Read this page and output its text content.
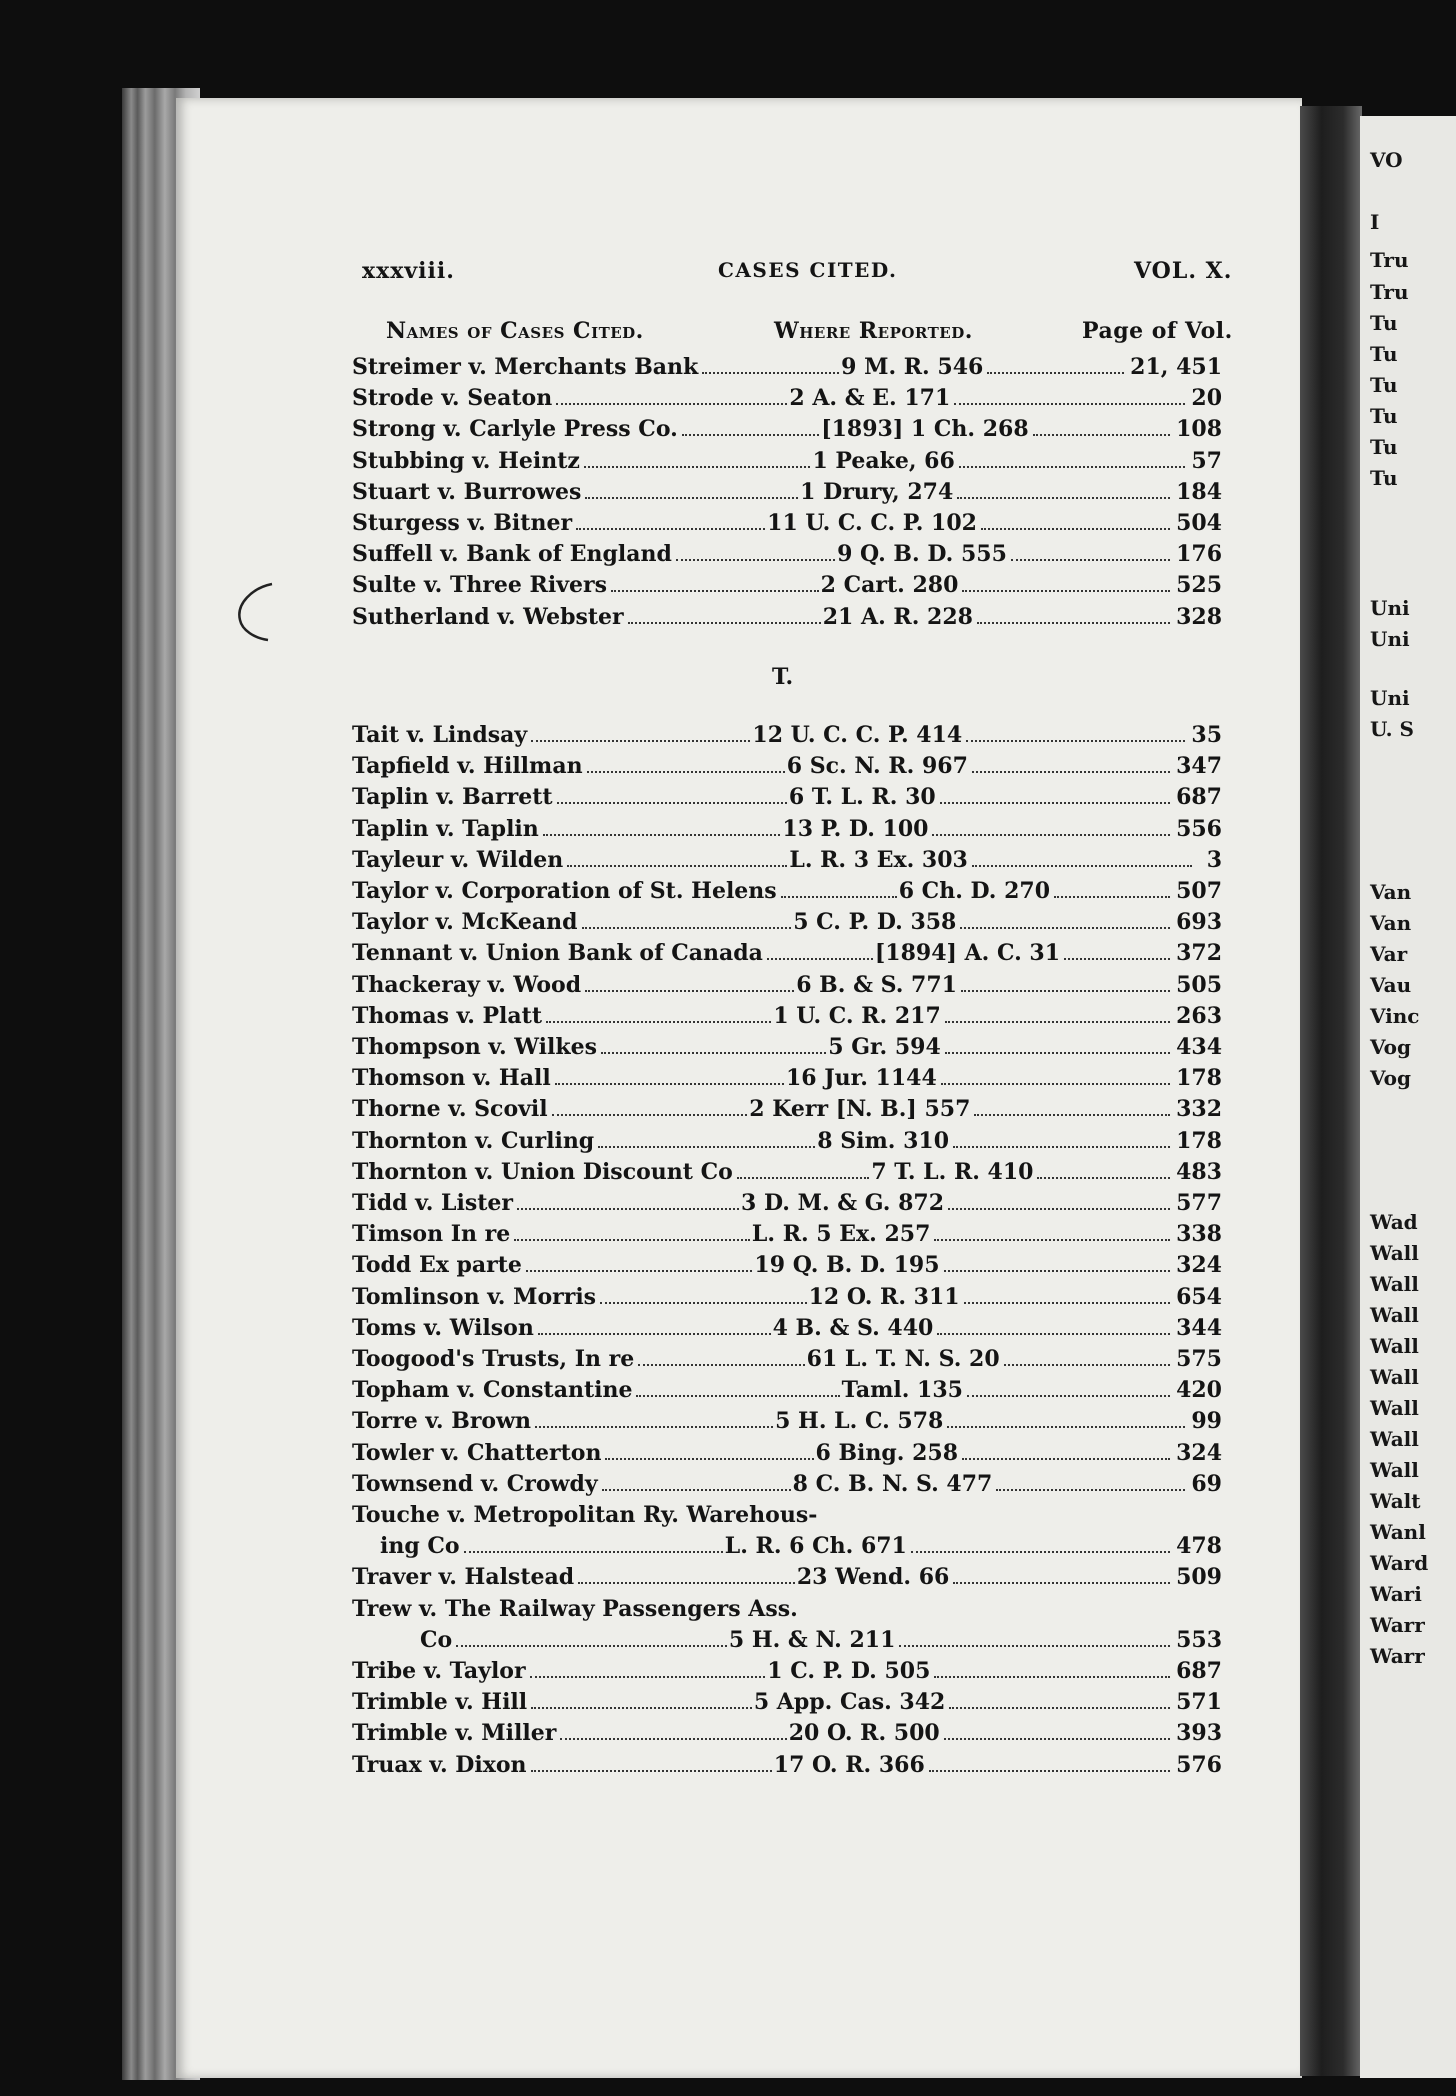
VO
I
Tru
Tru
Tu
Tu
Tu
Tu
Tu
Tu
Uni
Uni
Uni
U. S
Van
Van
Var
Vau
Vinc
Vog
Vog
Wad
Wall
Wall
Wall
Wall
Wall
Wall
Wall
Wall
Walt
Wanl
Ward
Wari
Warr
Warr
xxxviii.	CASES CITED.	VOL. X.
Names of Cases Cited.	Where Reported.	Page of Vol.
T.
Streimer v. Merchants Bank	9 M. R. 546	21, 451
Strode v. Seaton	2 A. & E. 171	20
Strong v. Carlyle Press Co.	[1893] 1 Ch. 268	108
Stubbing v. Heintz	1 Peake, 66	57
Stuart v. Burrowes	1 Drury, 274	184
Sturgess v. Bitner	11 U. C. C. P. 102	504
Suffell v. Bank of England	9 Q. B. D. 555	176
Sulte v. Three Rivers	2 Cart. 280	525
Sutherland v. Webster	21 A. R. 228	328
Tait v. Lindsay	12 U. C. C. P. 414	35
Tapfield v. Hillman	6 Sc. N. R. 967	347
Taplin v. Barrett	6 T. L. R. 30	687
Taplin v. Taplin	13 P. D. 100	556
Tayleur v. Wilden	L. R. 3 Ex. 303	3
Taylor v. Corporation of St. Helens	6 Ch. D. 270	507
Taylor v. McKeand	5 C. P. D. 358	693
Tennant v. Union Bank of Canada	[1894] A. C. 31	372
Thackeray v. Wood	6 B. & S. 771	505
Thomas v. Platt	1 U. C. R. 217	263
Thompson v. Wilkes	5 Gr. 594	434
Thomson v. Hall	16 Jur. 1144	178
Thorne v. Scovil	2 Kerr [N. B.] 557	332
Thornton v. Curling	8 Sim. 310	178
Thornton v. Union Discount Co	7 T. L. R. 410	483
Tidd v. Lister	3 D. M. & G. 872	577
Timson In re	L. R. 5 Ex. 257	338
Todd Ex parte	19 Q. B. D. 195	324
Tomlinson v. Morris	12 O. R. 311	654
Toms v. Wilson	4 B. & S. 440	344
Toogood's Trusts, In re	61 L. T. N. S. 20	575
Topham v. Constantine	Taml. 135	420
Torre v. Brown	5 H. L. C. 578	99
Towler v. Chatterton	6 Bing. 258	324
Townsend v. Crowdy	8 C. B. N. S. 477	69
Touche v. Metropolitan Ry. Warehous-
ing Co	L. R. 6 Ch. 671	478
Traver v. Halstead	23 Wend. 66	509
Trew v. The Railway Passengers Ass.
Co	5 H. & N. 211	553
Tribe v. Taylor	1 C. P. D. 505	687
Trimble v. Hill	5 App. Cas. 342	571
Trimble v. Miller	20 O. R. 500	393
Truax v. Dixon	17 O. R. 366	576
